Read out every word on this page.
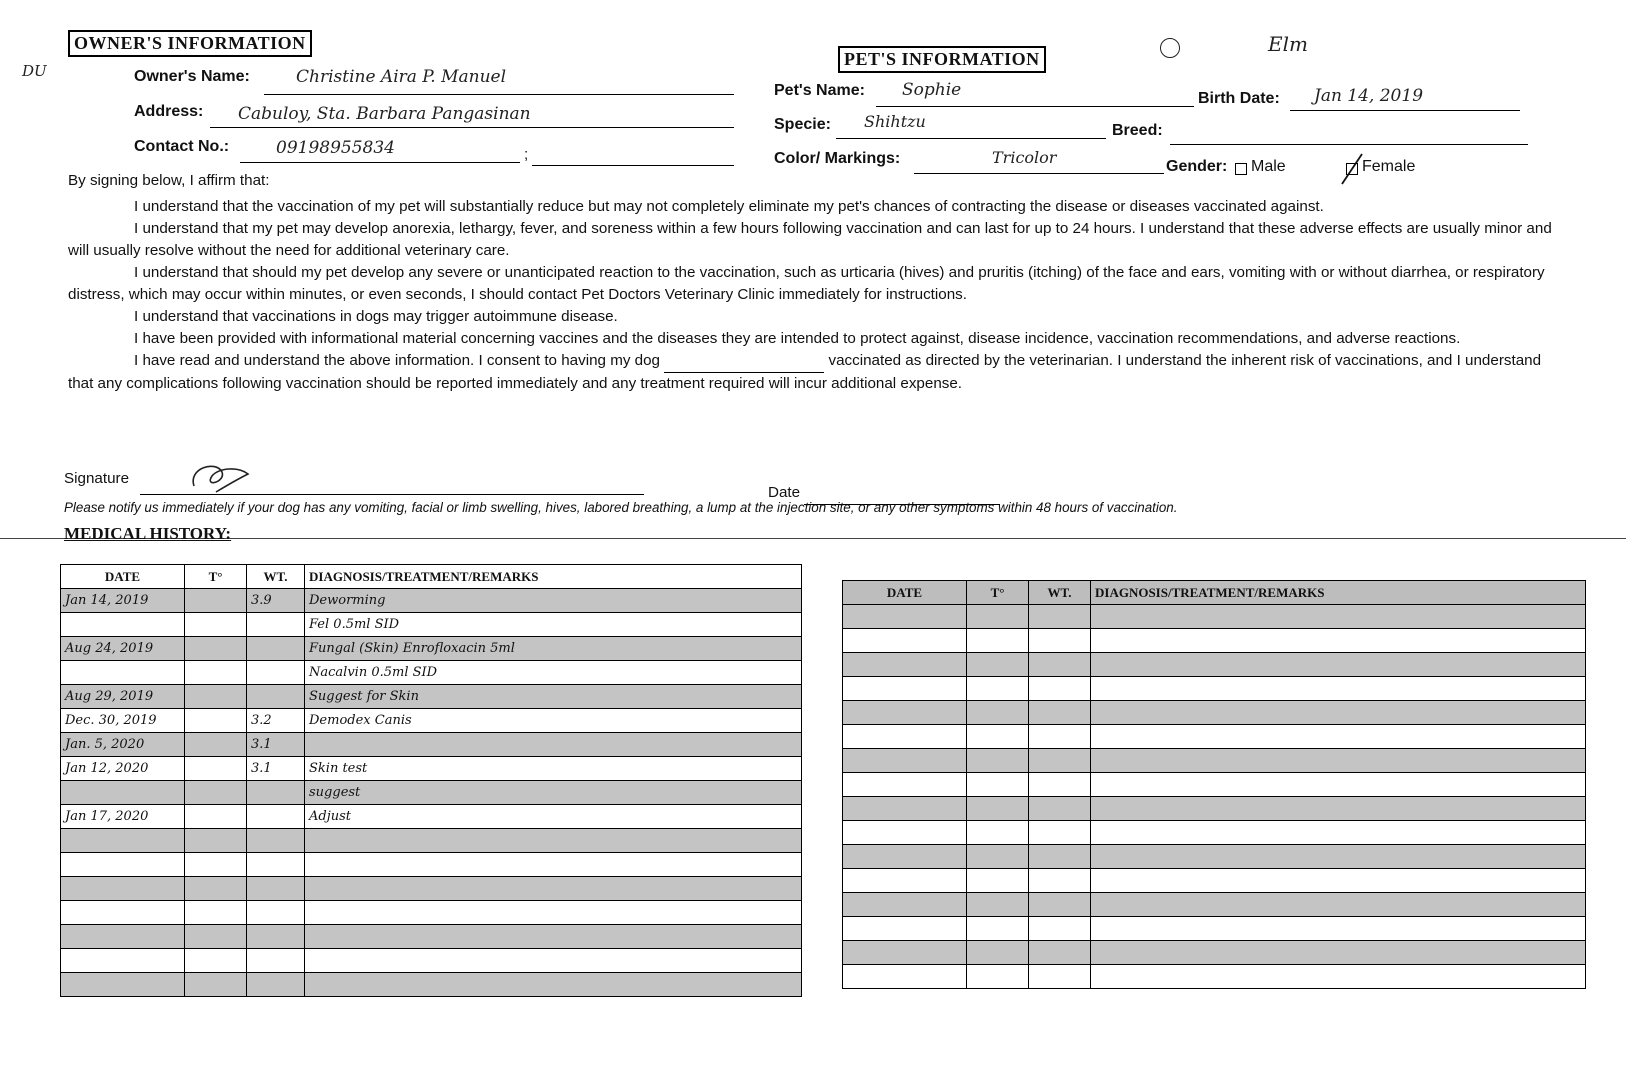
OWNER'S INFORMATION
DU	Owner's Name:	Christine Aira P. Manuel
Address: Cabuloy, Sta. Barbara Pangasinan
Contact No.:	09198955834	;
PET'S INFORMATION
Elm
Pet's Name: Sophie	Birth Date: Jan 14, 2019
Specie: Shihtzu	Breed:
Color/ Markings:	Tricolor	Gender: Male	Female
By signing below, I affirm that:

I understand that the vaccination of my pet will substantially reduce but may not completely eliminate my pet's chances of contracting the disease or diseases vaccinated against.

I understand that my pet may develop anorexia, lethargy, fever, and soreness within a few hours following vaccination and can last for up to 24 hours. I understand that these adverse effects are usually minor and will usually resolve without the need for additional veterinary care.

I understand that should my pet develop any severe or unanticipated reaction to the vaccination, such as urticaria (hives) and pruritis (itching) of the face and ears, vomiting with or without diarrhea, or respiratory distress, which may occur within minutes, or even seconds, I should contact Pet Doctors Veterinary Clinic immediately for instructions.

I understand that vaccinations in dogs may trigger autoimmune disease.

I have been provided with informational material concerning vaccines and the diseases they are intended to protect against, disease incidence, vaccination recommendations, and adverse reactions.

I have read and understand the above information. I consent to having my dog	vaccinated as directed by the veterinarian. I understand the inherent risk of vaccinations, and I understand that any complications following vaccination should be reported immediately and any treatment required will incur additional expense.

Signature
Date
Please notify us immediately if your dog has any vomiting, facial or limb swelling, hives, labored breathing, a lump at the injection site, or any other symptoms within 48 hours of vaccination.
MEDICAL HISTORY:
DATE	T°	WT.	DIAGNOSIS/TREATMENT/REMARKS
Jan 14, 2019		3.9	Deworming
			Fel 0.5ml SID
Aug 24, 2019			Fungal (Skin) Enrofloxacin 5ml
			Nacalvin 0.5ml SID
Aug 29, 2019			Suggest for Skin
Dec. 30, 2019		3.2	Demodex Canis
Jan. 5, 2020		3.1	
Jan 12, 2020		3.1	Skin test
			suggest
Jan 17, 2020			Adjust

DATE	T°	WT.	DIAGNOSIS/TREATMENT/REMARKS
